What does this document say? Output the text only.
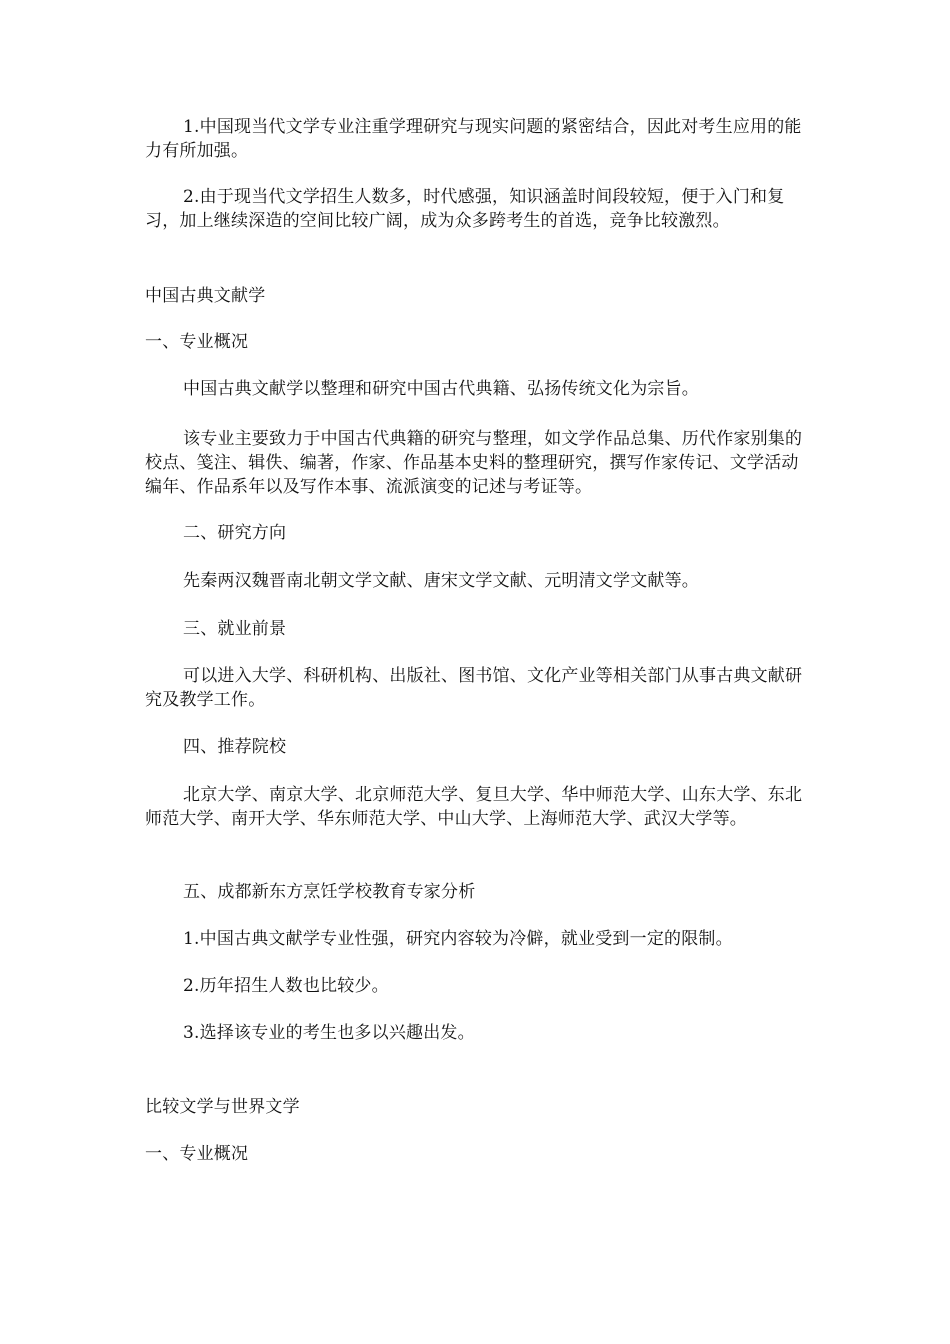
1.中国现当代文学专业注重学理研究与现实问题的紧密结合，因此对考生应用的能力有所加强。

2.由于现当代文学招生人数多，时代感强，知识涵盖时间段较短，便于入门和复习，加上继续深造的空间比较广阔，成为众多跨考生的首选，竞争比较激烈。

中国古典文献学

一、专业概况

中国古典文献学以整理和研究中国古代典籍、弘扬传统文化为宗旨。

该专业主要致力于中国古代典籍的研究与整理，如文学作品总集、历代作家别集的校点、笺注、辑佚、编著，作家、作品基本史料的整理研究，撰写作家传记、文学活动编年、作品系年以及写作本事、流派演变的记述与考证等。

二、研究方向

先秦两汉魏晋南北朝文学文献、唐宋文学文献、元明清文学文献等。

三、就业前景

可以进入大学、科研机构、出版社、图书馆、文化产业等相关部门从事古典文献研究及教学工作。

四、推荐院校

北京大学、南京大学、北京师范大学、复旦大学、华中师范大学、山东大学、东北师范大学、南开大学、华东师范大学、中山大学、上海师范大学、武汉大学等。

五、成都新东方烹饪学校教育专家分析

1.中国古典文献学专业性强，研究内容较为冷僻，就业受到一定的限制。

2.历年招生人数也比较少。

3.选择该专业的考生也多以兴趣出发。

比较文学与世界文学

一、专业概况
